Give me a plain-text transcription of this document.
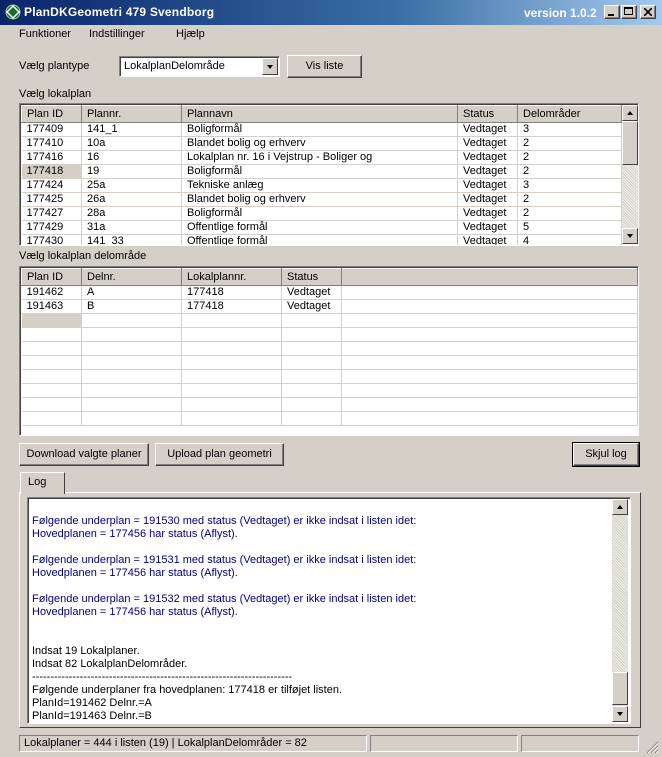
PlanDKGeometri 479 Svendborg	version 1.0.2
Funktioner Indstillinger	Hjælp
Vælg plantype	LokalplanDelområde	Vis liste
Vælg lokalplan
Plan ID	Plannr.	Plannavn	Status	Delområder
177409	141_1	Boligformål	Vedtaget	3
177410	10a	Blandet bolig og erhverv	Vedtaget	2
177416	16	Lokalplan nr. 16 i Vejstrup - Boliger og	Vedtaget	2
177418	19	Boligformål	Vedtaget	2
177424	25a	Tekniske anlæg	Vedtaget	3
177425	26a	Blandet bolig og erhverv	Vedtaget	2
177427	28a	Boligformål	Vedtaget	2
177429	31a	Offentlige formål	Vedtaget	5
177430	141_33	Offentlige formål	Vedtaget	4
Vælg lokalplan delområde
Plan ID	Delnr.	Lokalplannr.	Status	
191462	A	177418	Vedtaget	
191463	B	177418	Vedtaget	

Download valgte planer	Upload plan geometri	Skjul log
Log
Følgende underplan = 191530 med status (Vedtaget) er ikke indsat i listen idet:
Hovedplanen = 177456 har status (Aflyst).
Følgende underplan = 191531 med status (Vedtaget) er ikke indsat i listen idet:
Hovedplanen = 177456 har status (Aflyst).
Følgende underplan = 191532 med status (Vedtaget) er ikke indsat i listen idet:
Hovedplanen = 177456 har status (Aflyst).
Indsat 19 Lokalplaner.
Indsat 82 LokalplanDelområder.
-----------------------------------------------------------------------
Følgende underplaner fra hovedplanen: 177418 er tilføjet listen.
PlanId=191462 Delnr.=A
PlanId=191463 Delnr.=B
Lokalplaner = 444 i listen (19) | LokalplanDelområder = 82
